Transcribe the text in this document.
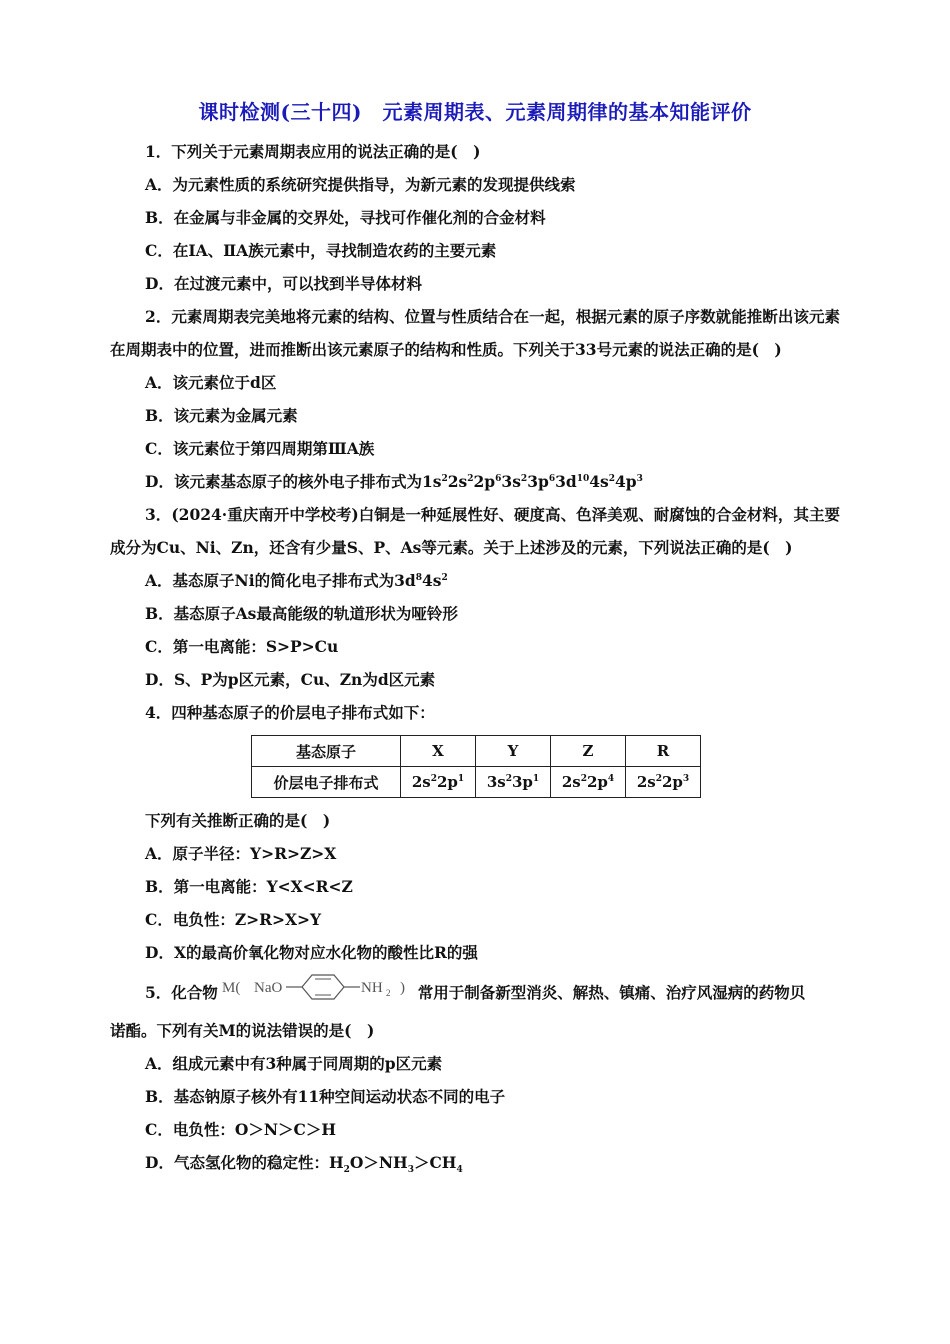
课时检测(三十四)　元素周期表、元素周期律的基本知能评价
1．下列关于元素周期表应用的说法正确的是(　)
A．为元素性质的系统研究提供指导，为新元素的发现提供线索
B．在金属与非金属的交界处，寻找可作催化剂的合金材料
C．在ⅠA、ⅡA族元素中，寻找制造农药的主要元素
D．在过渡元素中，可以找到半导体材料

2．元素周期表完美地将元素的结构、位置与性质结合在一起，根据元素的原子序数就能推断出该元素在周期表中的位置，进而推断出该元素原子的结构和性质。下列关于33号元素的说法正确的是(　)

A．该元素位于d区
B．该元素为金属元素
C．该元素位于第四周期第ⅢA族
D．该元素基态原子的核外电子排布式为$1s^22s^22p^63s^23p^63d^{10}4s^24p^3$

3．(2024·重庆南开中学校考)白铜是一种延展性好、硬度高、色泽美观、耐腐蚀的合金材料，其主要成分为Cu、Ni、Zn，还含有少量S、P、As等元素。关于上述涉及的元素，下列说法正确的是(　)

A．基态原子Ni的简化电子排布式为$3d^84s^2$
B．基态原子As最高能级的轨道形状为哑铃形
C．第一电离能：S>P>Cu
D．S、P为p区元素，Cu、Zn为d区元素
4．四种基态原子的价层电子排布式如下：
基态原子	X	Y	Z	R
价层电子排布式	$2s^22p^1$	$3s^23p^1$	$2s^22p^4$	$2s^22p^3$
下列有关推断正确的是(　)
A．原子半径：Y>R>Z>X
B．第一电离能：Y<X<R<Z
C．电负性：Z>R>X>Y
D．X的最高价氧化物对应水化物的酸性比R的强
5．化合物 M( NaO	NH 2 ) 常用于制备新型消炎、解热、镇痛、治疗风湿病的药物贝
诺酯。下列有关M的说法错误的是(　)
A．组成元素中有3种属于同周期的p区元素
B．基态钠原子核外有11种空间运动状态不同的电子
C．电负性：O＞N＞C＞H
D．气态氢化物的稳定性：$H_2O>NH_3>CH_4$
